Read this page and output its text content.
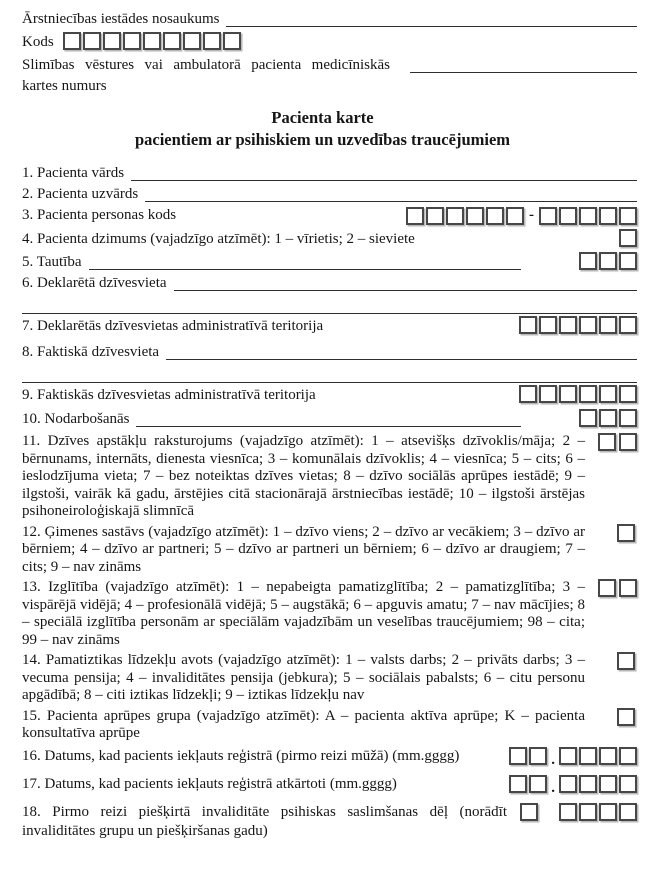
Ārstniecības iestādes nosaukums
Kods
Slimības vēstures vai ambulatorā pacienta medicīniskās kartes numurs
Pacienta karte
pacientiem ar psihiskiem un uzvedības traucējumiem
1. Pacienta vārds
2. Pacienta uzvārds
3. Pacienta personas kods	-
4. Pacienta dzimums (vajadzīgo atzīmēt): 1 – vīrietis; 2 – sieviete
5. Tautība
6. Deklarētā dzīvesvieta
7. Deklarētās dzīvesvietas administratīvā teritorija
8. Faktiskā dzīvesvieta
9. Faktiskās dzīvesvietas administratīvā teritorija
10. Nodarbošanās
11. Dzīves apstākļu raksturojums (vajadzīgo atzīmēt): 1 – atsevišķs dzīvoklis/māja; 2 – bērnunams, internāts, dienesta viesnīca; 3 – komunālais dzīvoklis; 4 – viesnīca; 5 – cits; 6 – ieslodzījuma vieta; 7 – bez noteiktas dzīves vietas; 8 – dzīvo sociālās aprūpes iestādē; 9 – ilgstoši, vairāk kā gadu, ārstējies citā stacionārajā ārstniecības iestādē; 10 – ilgstoši ārstējas psihoneiroloģiskajā slimnīcā
12. Ģimenes sastāvs (vajadzīgo atzīmēt): 1 – dzīvo viens; 2 – dzīvo ar vecākiem; 3 – dzīvo ar bērniem; 4 – dzīvo ar partneri; 5 – dzīvo ar partneri un bērniem; 6 – dzīvo ar draugiem; 7 – cits; 9 – nav zināms
13. Izglītība (vajadzīgo atzīmēt): 1 – nepabeigta pamatizglītība; 2 – pamatizglītība; 3 – vispārējā vidējā; 4 – profesionālā vidējā; 5 – augstākā; 6 – apguvis amatu; 7 – nav mācījies; 8 – speciālā izglītība personām ar speciālām vajadzībām un veselības traucējumiem; 98 – cita; 99 – nav zināms
14. Pamatiztikas līdzekļu avots (vajadzīgo atzīmēt): 1 – valsts darbs; 2 – privāts darbs; 3 – vecuma pensija; 4 – invaliditātes pensija (jebkura); 5 – sociālais pabalsts; 6 – citu personu apgādībā; 8 – citi iztikas līdzekļi; 9 – iztikas līdzekļu nav
15. Pacienta aprūpes grupa (vajadzīgo atzīmēt): A – pacienta aktīva aprūpe; K – pacienta konsultatīva aprūpe
16. Datums, kad pacients iekļauts reģistrā (pirmo reizi mūžā) (mm.gggg)	.
17. Datums, kad pacients iekļauts reģistrā atkārtoti (mm.gggg)	.
18. Pirmo reizi piešķirtā invaliditāte psihiskas saslimšanas dēļ (norādīt invaliditātes grupu un piešķiršanas gadu)
